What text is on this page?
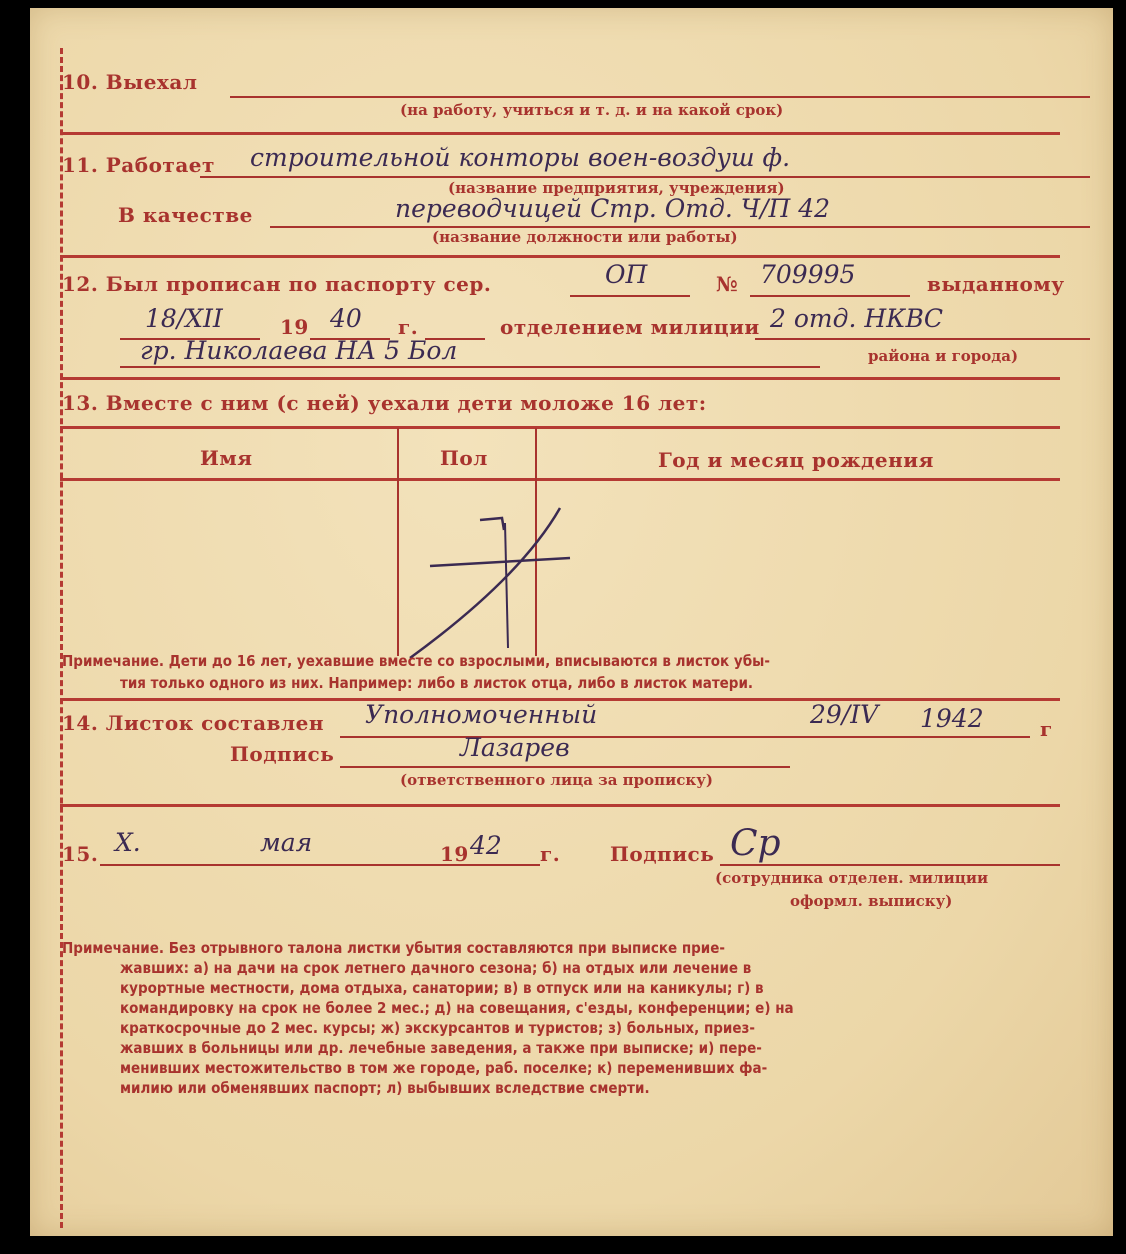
10. Выехал
(на работу, учиться и т. д. и на какой срок)
11. Работает строительной конторы воен-воздуш ф.
(название предприятия, учреждения)
В качестве	переводчицей Стр. Отд. Ч/П 42
(название должности или работы)
12. Был прописан по паспорту сер.	ОП	№ 709995	выданному
18/XII	19 40 г.	отделением милиции 2 отд. НКВС
гр. Николаева НА 5 Бол	района и города)
13. Вместе с ним (с ней) уехали дети моложе 16 лет:
Имя	Пол	Год и месяц рождения
Примечание. Дети до 16 лет, уехавшие вместе со взрослыми, вписываются в листок убы-
тия только одного из них. Например: либо в листок отца, либо в листок матери.
14. Листок составлен Уполномоченный	29/IV 1942	г
Подпись	Лазарев
(ответственного лица за прописку)
15. X.	мая	19 42 г. Подпись Ср
(сотрудника отделен. милиции
оформл. выписку)
Примечание. Без отрывного талона листки убытия составляются при выписке прие-
жавших: а) на дачи на срок летнего дачного сезона; б) на отдых или лечение в
курортные местности, дома отдыха, санатории; в) в отпуск или на каникулы; г) в
командировку на срок не более 2 мес.; д) на совещания, с'езды, конференции; е) на
краткосрочные до 2 мес. курсы; ж) экскурсантов и туристов; з) больных, приез-
жавших в больницы или др. лечебные заведения, а также при выписке; и) пере-
менивших местожительство в том же городе, раб. поселке; к) переменивших фа-
милию или обменявших паспорт; л) выбывших вследствие смерти.
